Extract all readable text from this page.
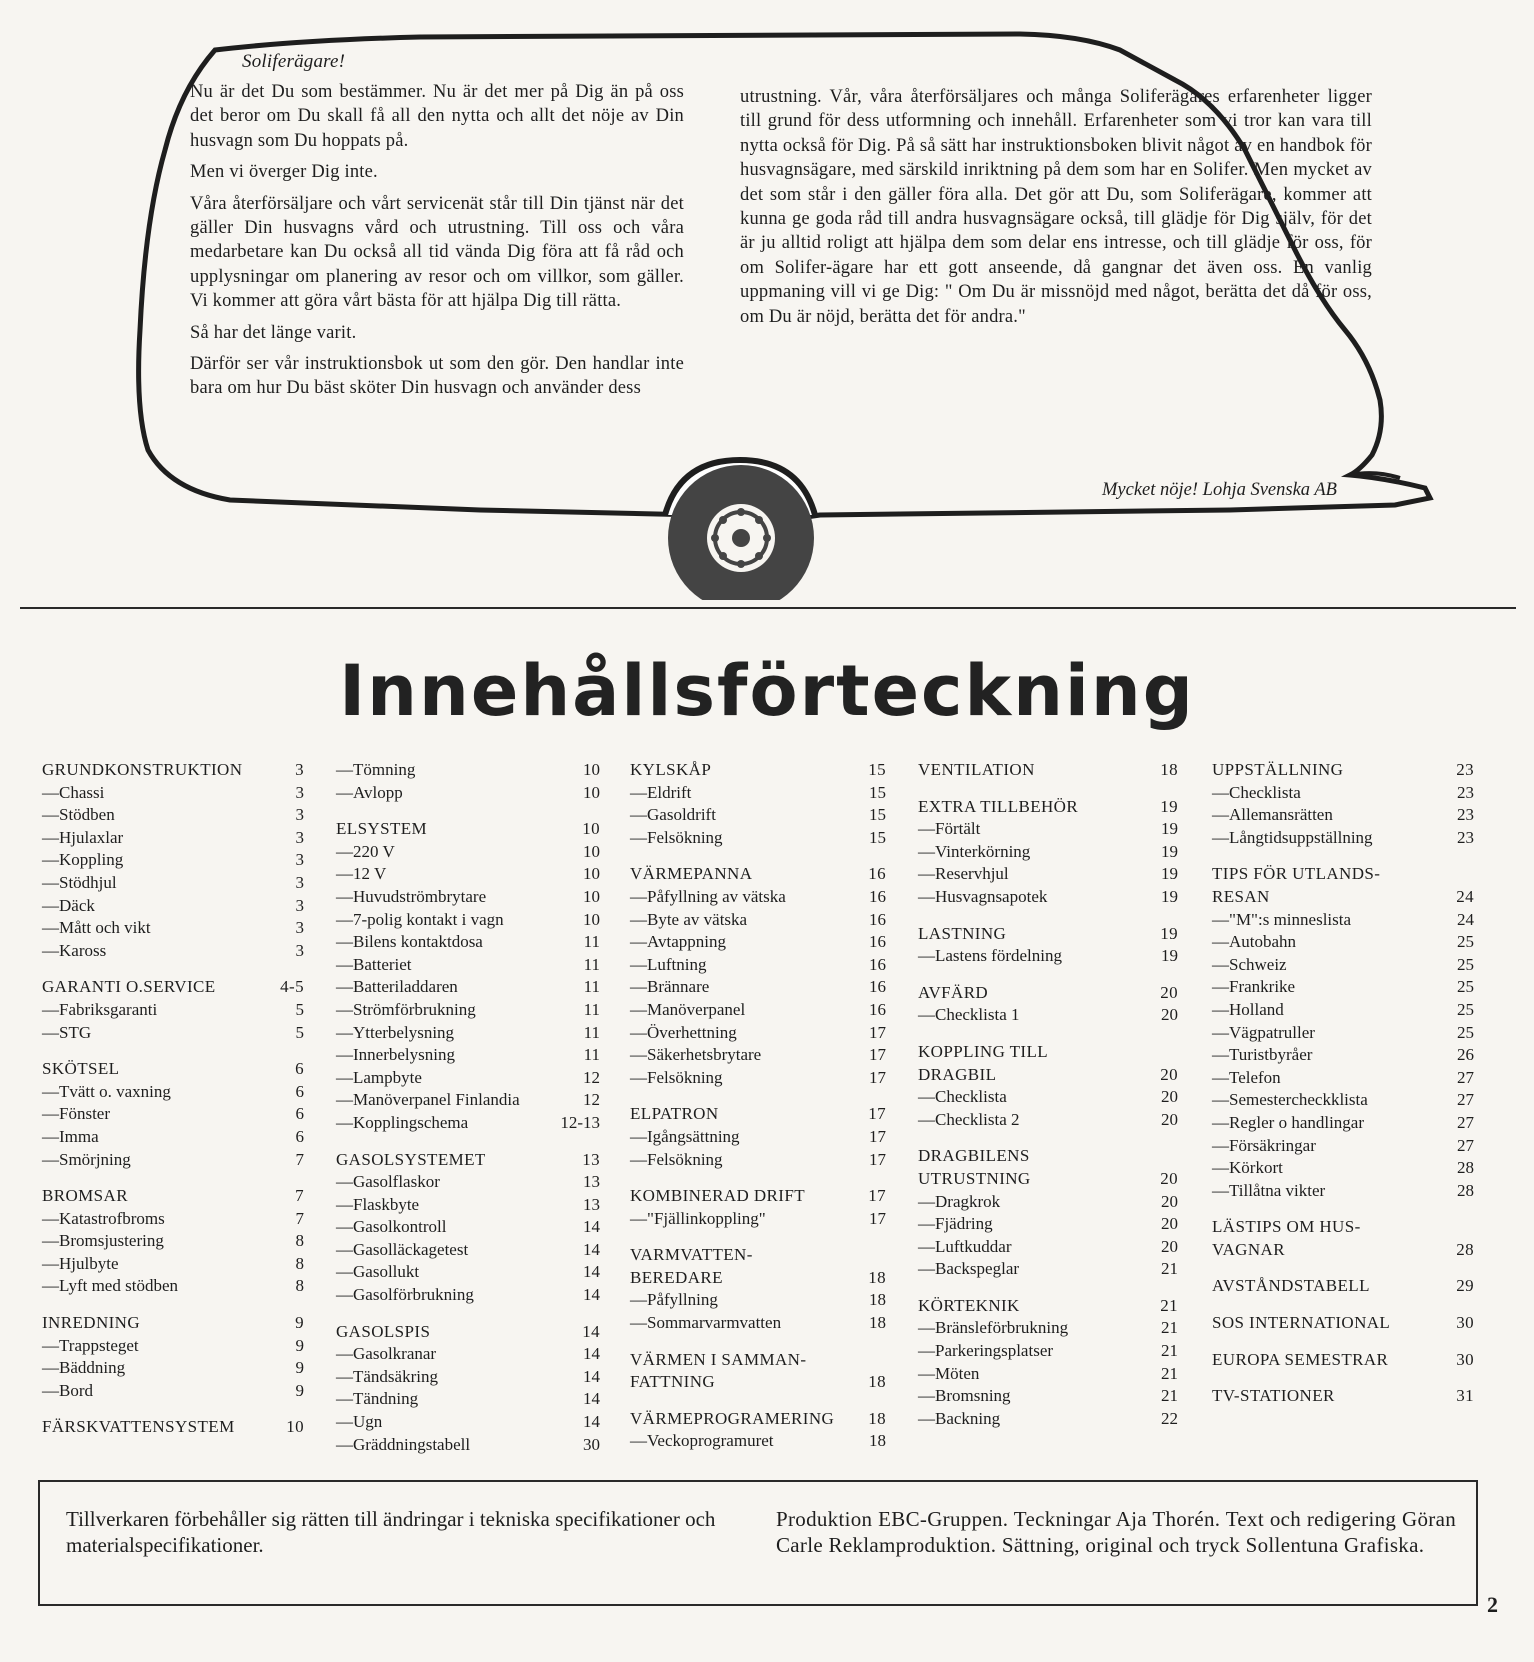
Soliferägare!

Nu är det Du som bestämmer. Nu är det mer på Dig än på oss det beror om Du skall få all den nytta och allt det nöje av Din husvagn som Du hoppats på.

Men vi överger Dig inte.

Våra återförsäljare och vårt servicenät står till Din tjänst när det gäller Din husvagns vård och utrustning. Till oss och våra medarbetare kan Du också all tid vända Dig föra att få råd och upplysningar om planering av resor och om villkor, som gäller. Vi kommer att göra vårt bästa för att hjälpa Dig till rätta.

Så har det länge varit.

Därför ser vår instruktionsbok ut som den gör. Den handlar inte bara om hur Du bäst sköter Din husvagn och använder dess

utrustning. Vår, våra återförsäljares och många Soliferägares erfarenheter ligger till grund för dess utformning och innehåll. Erfarenheter som vi tror kan vara till nytta också för Dig. På så sätt har instruktionsboken blivit något av en handbok för husvagnsägare, med särskild inriktning på dem som har en Solifer. Men mycket av det som står i den gäller föra alla. Det gör att Du, som Soliferägare, kommer att kunna ge goda råd till andra husvagnsägare också, till glädje för Dig själv, för det är ju alltid roligt att hjälpa dem som delar ens intresse, och till glädje för oss, för om Solifer-ägare har ett gott anseende, då gangnar det även oss. En vanlig uppmaning vill vi ge Dig: " Om Du är missnöjd med något, berätta det då för oss, om Du är nöjd, berätta det för andra."

Mycket nöje! Lohja Svenska AB
Innehållsförteckning
GRUNDKONSTRUKTION	3
—Chassi	3
—Stödben	3
—Hjulaxlar	3
—Koppling	3
—Stödhjul	3
—Däck	3
—Mått och vikt	3
—Kaross	3
GARANTI O.SERVICE	4-5
—Fabriksgaranti	5
—STG	5
SKÖTSEL	6
—Tvätt o. vaxning	6
—Fönster	6
—Imma	6
—Smörjning	7
BROMSAR	7
—Katastrofbroms	7
—Bromsjustering	8
—Hjulbyte	8
—Lyft med stödben	8
INREDNING	9
—Trappsteget	9
—Bäddning	9
—Bord	9
FÄRSKVATTENSYSTEM	10
—Tömning	10
—Avlopp	10
ELSYSTEM	10
—220 V	10
—12 V	10
—Huvudströmbrytare	10
—7-polig kontakt i vagn	10
—Bilens kontaktdosa	11
—Batteriet	11
—Batteriladdaren	11
—Strömförbrukning	11
—Ytterbelysning	11
—Innerbelysning	11
—Lampbyte	12
—Manöverpanel Finlandia	12
—Kopplingschema	12-13
GASOLSYSTEMET	13
—Gasolflaskor	13
—Flaskbyte	13
—Gasolkontroll	14
—Gasolläckagetest	14
—Gasollukt	14
—Gasolförbrukning	14
GASOLSPIS	14
—Gasolkranar	14
—Tändsäkring	14
—Tändning	14
—Ugn	14
—Gräddningstabell	30
KYLSKÅP	15
—Eldrift	15
—Gasoldrift	15
—Felsökning	15
VÄRMEPANNA	16
—Påfyllning av vätska	16
—Byte av vätska	16
—Avtappning	16
—Luftning	16
—Brännare	16
—Manöverpanel	16
—Överhettning	17
—Säkerhetsbrytare	17
—Felsökning	17
ELPATRON	17
—Igångsättning	17
—Felsökning	17
KOMBINERAD DRIFT	17
—"Fjällinkoppling"	17
VARMVATTEN-
BEREDARE	18
—Påfyllning	18
—Sommarvarmvatten	18
VÄRMEN I SAMMAN-
FATTNING	18
VÄRMEPROGRAMERING	18
—Veckoprogramuret	18
VENTILATION	18
EXTRA TILLBEHÖR	19
—Förtält	19
—Vinterkörning	19
—Reservhjul	19
—Husvagnsapotek	19
LASTNING	19
—Lastens fördelning	19
AVFÄRD	20
—Checklista 1	20
KOPPLING TILL
DRAGBIL	20
—Checklista	20
—Checklista 2	20
DRAGBILENS
UTRUSTNING	20
—Dragkrok	20
—Fjädring	20
—Luftkuddar	20
—Backspeglar	21
KÖRTEKNIK	21
—Bränsleförbrukning	21
—Parkeringsplatser	21
—Möten	21
—Bromsning	21
—Backning	22
UPPSTÄLLNING	23
—Checklista	23
—Allemansrätten	23
—Långtidsuppställning	23
TIPS FÖR UTLANDS-
RESAN	24
—"M":s minneslista	24
—Autobahn	25
—Schweiz	25
—Frankrike	25
—Holland	25
—Vägpatruller	25
—Turistbyråer	26
—Telefon	27
—Semestercheckklista	27
—Regler o handlingar	27
—Försäkringar	27
—Körkort	28
—Tillåtna vikter	28
LÄSTIPS OM HUS-
VAGNAR	28
AVSTÅNDSTABELL	29
SOS INTERNATIONAL	30
EUROPA SEMESTRAR	30
TV-STATIONER	31
Tillverkaren förbehåller sig rätten till ändringar i tekniska specifikationer och materialspecifikationer.
Produktion EBC-Gruppen. Teckningar Aja Thorén. Text och redigering Göran Carle Reklamproduktion. Sättning, original och tryck Sollentuna Grafiska.
2
